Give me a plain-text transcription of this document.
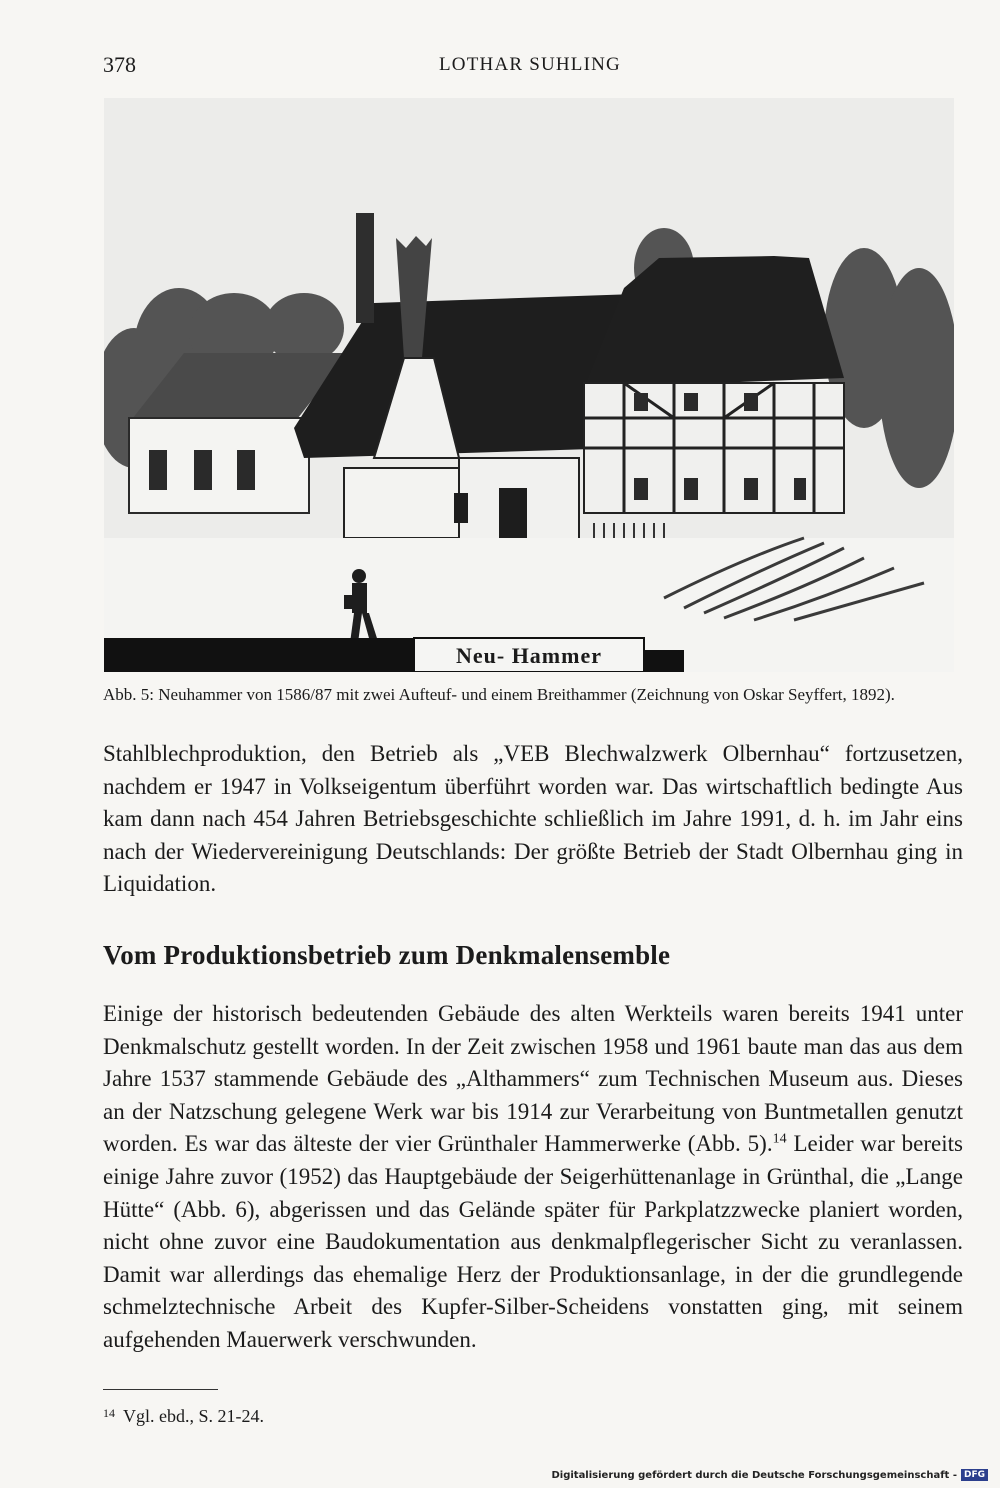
378	LOTHAR SUHLING
Neu- Hammer
Abb. 5: Neuhammer von 1586/87 mit zwei Aufteuf- und einem Breithammer (Zeichnung von Oskar Seyffert, 1892).

Stahlblechproduktion, den Betrieb als „VEB Blechwalzwerk Olbernhau“ fortzusetzen, nachdem er 1947 in Volkseigentum überführt worden war. Das wirtschaftlich bedingte Aus kam dann nach 454 Jahren Betriebsgeschichte schließlich im Jahre 1991, d. h. im Jahr eins nach der Wiedervereinigung Deutschlands: Der größte Betrieb der Stadt Olbernhau ging in Liquidation.

Vom Produktionsbetrieb zum Denkmalensemble

Einige der historisch bedeutenden Gebäude des alten Werkteils waren bereits 1941 unter Denkmalschutz gestellt worden. In der Zeit zwischen 1958 und 1961 baute man das aus dem Jahre 1537 stammende Gebäude des „Althammers“ zum Technischen Museum aus. Dieses an der Natzschung gelegene Werk war bis 1914 zur Verarbeitung von Buntmetallen genutzt worden. Es war das älteste der vier Grünthaler Hammerwerke (Abb. 5).$^{14}$ Leider war bereits einige Jahre zuvor (1952) das Hauptgebäude der Seigerhüttenanlage in Grünthal, die „Lange Hütte“ (Abb. 6), abgerissen und das Gelände später für Parkplatzzwecke planiert worden, nicht ohne zuvor eine Baudokumentation aus denkmalpflegerischer Sicht zu veranlassen. Damit war allerdings das ehemalige Herz der Produktionsanlage, in der die grundlegende schmelztechnische Arbeit des Kupfer-Silber-Scheidens vonstatten ging, mit seinem aufgehenden Mauerwerk verschwunden.

$^{14}$ Vgl. ebd., S. 21-24.
Digitalisierung gefördert durch die Deutsche Forschungsgemeinschaft - DFG
